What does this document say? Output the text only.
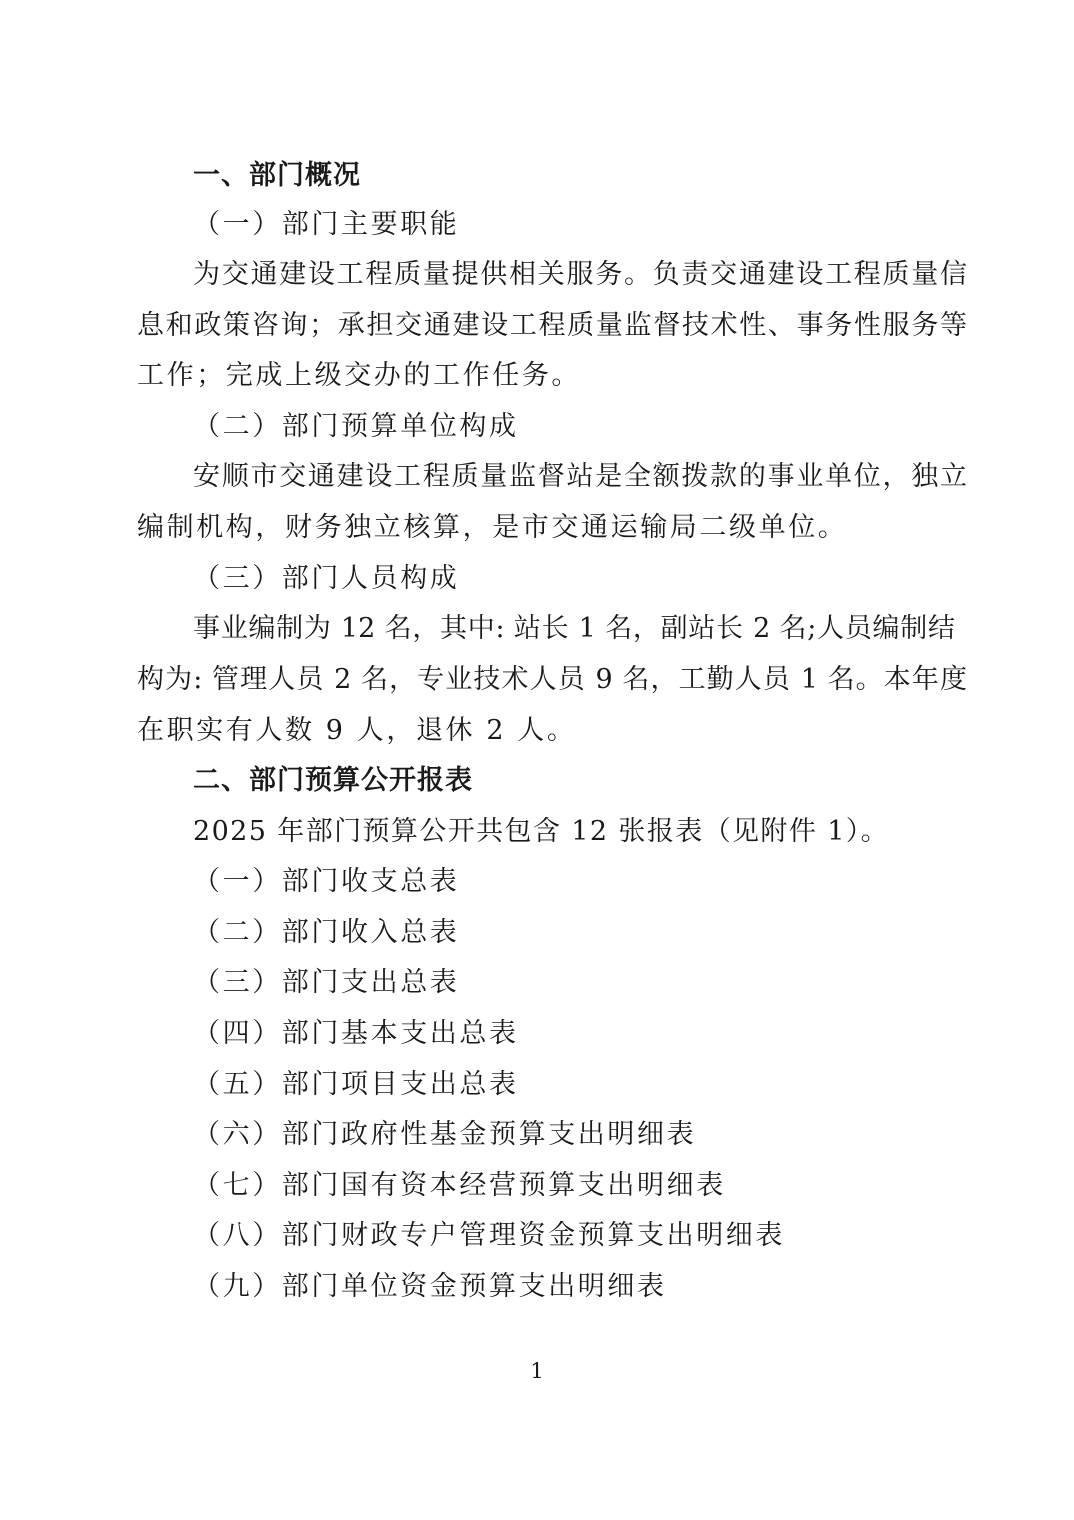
一、部门概况
（一）部门主要职能
为交通建设工程质量提供相关服务。负责交通建设工程质量信
息和政策咨询；承担交通建设工程质量监督技术性、事务性服务等
工作；完成上级交办的工作任务。
（二）部门预算单位构成
安顺市交通建设工程质量监督站是全额拨款的事业单位，独立
编制机构，财务独立核算，是市交通运输局二级单位。
（三）部门人员构成
事业编制为 12 名，其中: 站长 1 名，副站长 2 名;人员编制结
构为: 管理人员 2 名，专业技术人员 9 名，工勤人员 1 名。本年度
在职实有人数 9 人，退休 2 人。
二、部门预算公开报表
2025 年部门预算公开共包含 12 张报表（见附件 1）。
（一）部门收支总表
（二）部门收入总表
（三）部门支出总表
（四）部门基本支出总表
（五）部门项目支出总表
（六）部门政府性基金预算支出明细表
（七）部门国有资本经营预算支出明细表
（八）部门财政专户管理资金预算支出明细表
（九）部门单位资金预算支出明细表
1
